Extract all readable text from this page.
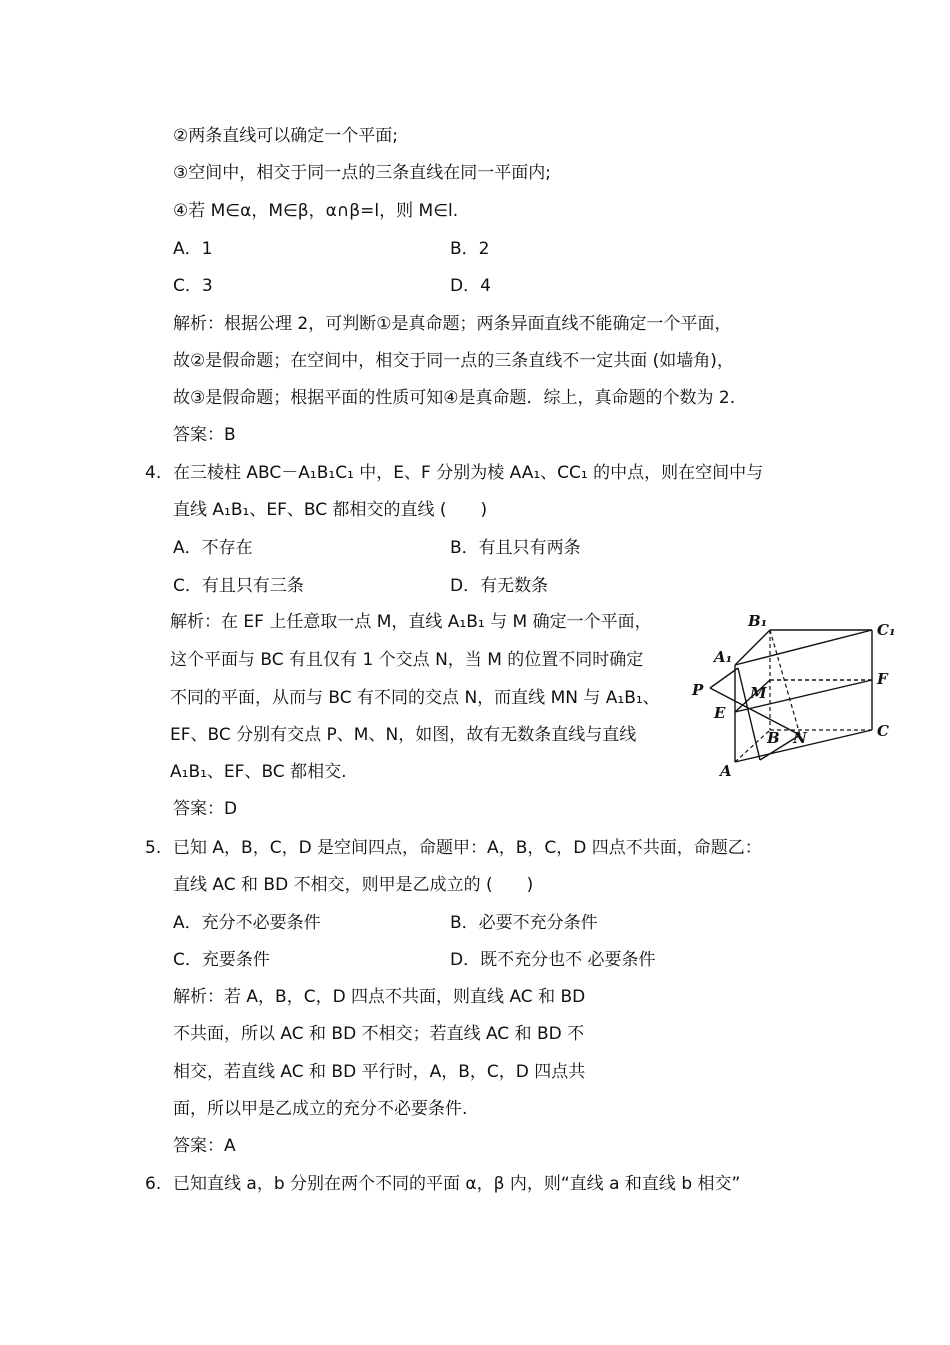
②两条直线可以确定一个平面;
③空间中，相交于同一点的三条直线在同一平面内;
④若 M∈α，M∈β，α∩β=l，则 M∈l.
A．1	B．2
C．3	D．4
解析：根据公理 2，可判断①是真命题；两条异面直线不能确定一个平面，
故②是假命题；在空间中，相交于同一点的三条直线不一定共面 (如墙角)，
故③是假命题；根据平面的性质可知④是真命题．综上，真命题的个数为 2.
答案：B
4. 在三棱柱 ABC－A₁B₁C₁ 中，E、F 分别为棱 AA₁、CC₁ 的中点，则在空间中与
直线 A₁B₁、EF、BC 都相交的直线 (　　)
A．不存在	B．有且只有两条
C．有且只有三条	D．有无数条
解析：在 EF 上任意取一点 M，直线 A₁B₁ 与 M 确定一个平面，
这个平面与 BC 有且仅有 1 个交点 N，当 M 的位置不同时确定
不同的平面，从而与 BC 有不同的交点 N，而直线 MN 与 A₁B₁、
EF、BC 分别有交点 P、M、N，如图，故有无数条直线与直线
A₁B₁、EF、BC 都相交.
答案：D
B₁	C₁
A₁
P	M
F
E
B N	C
A
5. 已知 A，B，C，D 是空间四点，命题甲：A，B，C，D 四点不共面，命题乙：
直线 AC 和 BD 不相交，则甲是乙成立的 (　　)
A．充分不必要条件	B．必要不充分条件
C．充要条件	D．既不充分也不 必要条件
解析：若 A，B，C，D 四点不共面，则直线 AC 和 BD
不共面，所以 AC 和 BD 不相交；若直线 AC 和 BD 不
相交，若直线 AC 和 BD 平行时，A，B，C，D 四点共
面，所以甲是乙成立的充分不必要条件.
答案：A
6. 已知直线 a，b 分别在两个不同的平面 α，β 内，则“直线 a 和直线 b 相交”
